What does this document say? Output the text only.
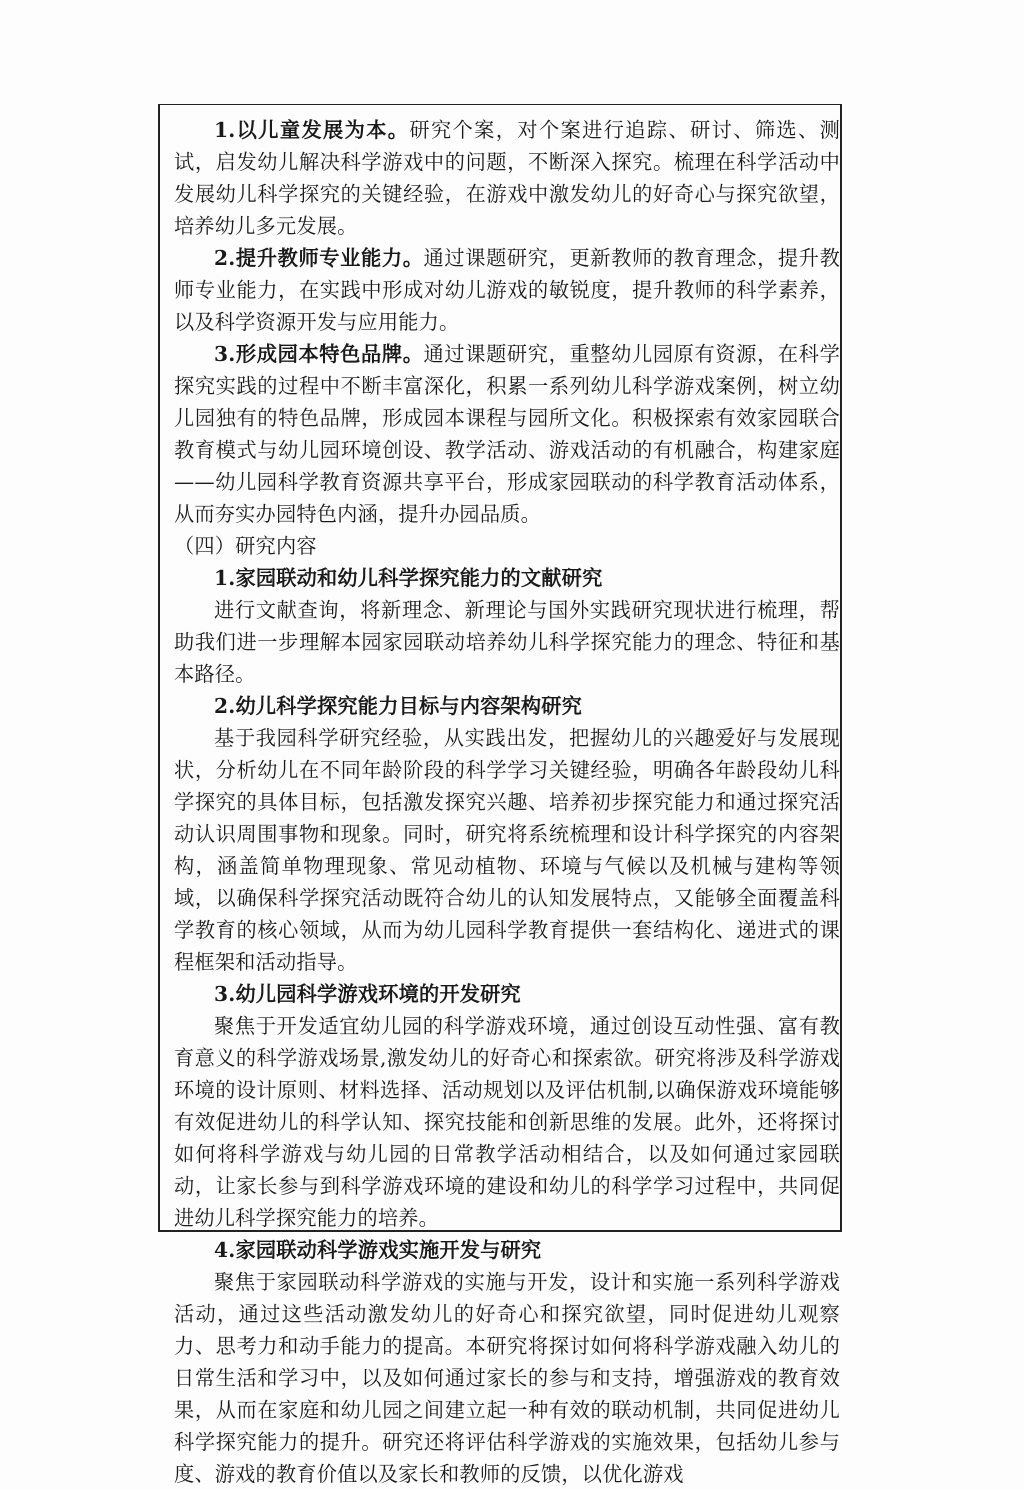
1.以儿童发展为本。研究个案，对个案进行追踪、研讨、筛选、测试，启发幼儿解决科学游戏中的问题，不断深入探究。梳理在科学活动中发展幼儿科学探究的关键经验，在游戏中激发幼儿的好奇心与探究欲望，培养幼儿多元发展。

2.提升教师专业能力。通过课题研究，更新教师的教育理念，提升教师专业能力，在实践中形成对幼儿游戏的敏锐度，提升教师的科学素养，以及科学资源开发与应用能力。

3.形成园本特色品牌。通过课题研究，重整幼儿园原有资源，在科学探究实践的过程中不断丰富深化，积累一系列幼儿科学游戏案例，树立幼儿园独有的特色品牌，形成园本课程与园所文化。积极探索有效家园联合教育模式与幼儿园环境创设、教学活动、游戏活动的有机融合，构建家庭——幼儿园科学教育资源共享平台，形成家园联动的科学教育活动体系，从而夯实办园特色内涵，提升办园品质。

（四）研究内容

1.家园联动和幼儿科学探究能力的文献研究

进行文献查询，将新理念、新理论与国外实践研究现状进行梳理，帮助我们进一步理解本园家园联动培养幼儿科学探究能力的理念、特征和基本路径。

2.幼儿科学探究能力目标与内容架构研究

基于我园科学研究经验，从实践出发，把握幼儿的兴趣爱好与发展现状，分析幼儿在不同年龄阶段的科学学习关键经验，明确各年龄段幼儿科学探究的具体目标，包括激发探究兴趣、培养初步探究能力和通过探究活动认识周围事物和现象。同时，研究将系统梳理和设计科学探究的内容架构，涵盖简单物理现象、常见动植物、环境与气候以及机械与建构等领域，以确保科学探究活动既符合幼儿的认知发展特点，又能够全面覆盖科学教育的核心领域，从而为幼儿园科学教育提供一套结构化、递进式的课程框架和活动指导。

3.幼儿园科学游戏环境的开发研究

聚焦于开发适宜幼儿园的科学游戏环境，通过创设互动性强、富有教育意义的科学游戏场景,激发幼儿的好奇心和探索欲。研究将涉及科学游戏环境的设计原则、材料选择、活动规划以及评估机制,以确保游戏环境能够有效促进幼儿的科学认知、探究技能和创新思维的发展。此外，还将探讨如何将科学游戏与幼儿园的日常教学活动相结合，以及如何通过家园联动，让家长参与到科学游戏环境的建设和幼儿的科学学习过程中，共同促进幼儿科学探究能力的培养。

4.家园联动科学游戏实施开发与研究

聚焦于家园联动科学游戏的实施与开发，设计和实施一系列科学游戏活动，通过这些活动激发幼儿的好奇心和探究欲望，同时促进幼儿观察力、思考力和动手能力的提高。本研究将探讨如何将科学游戏融入幼儿的日常生活和学习中，以及如何通过家长的参与和支持，增强游戏的教育效果，从而在家庭和幼儿园之间建立起一种有效的联动机制，共同促进幼儿科学探究能力的提升。研究还将评估科学游戏的实施效果，包括幼儿参与度、游戏的教育价值以及家长和教师的反馈，以优化游戏
